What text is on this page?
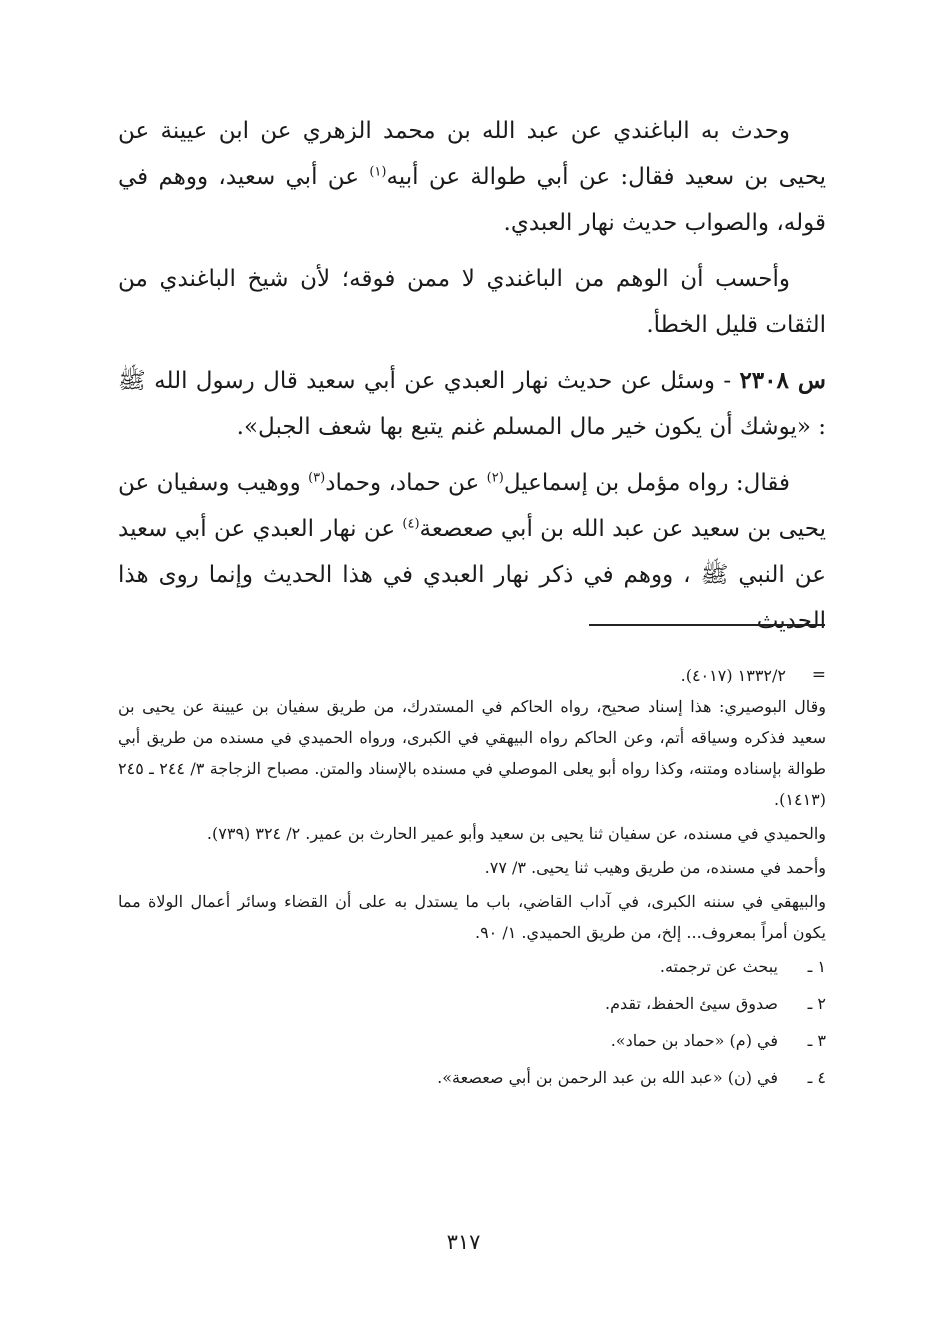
وحدث به الباغندي عن عبد الله بن محمد الزهري عن ابن عيينة عن يحيى بن سعيد فقال: عن أبي طوالة عن أبيه$^{(١)}$ عن أبي سعيد، ووهم في قوله، والصواب حديث نهار العبدي.

وأحسب أن الوهم من الباغندي لا ممن فوقه؛ لأن شيخ الباغندي من الثقات قليل الخطأ.

س ٢٣٠٨ - وسئل عن حديث نهار العبدي عن أبي سعيد قال رسول الله ﷺ : «يوشك أن يكون خير مال المسلم غنم يتبع بها شعف الجبل».

فقال: رواه مؤمل بن إسماعيل$^{(٢)}$ عن حماد، وحماد$^{(٣)}$ ووهيب وسفيان عن يحيى بن سعيد عن عبد الله بن أبي صعصعة$^{(٤)}$ عن نهار العبدي عن أبي سعيد عن النبي ﷺ ، ووهم في ذكر نهار العبدي في هذا الحديث وإنما روى هذا الحديث

=
١٣٣٢/٢ (٤٠١٧).

وقال البوصيري: هذا إسناد صحيح، رواه الحاكم في المستدرك، من طريق سفيان بن عيينة عن يحيى بن سعيد فذكره وسياقه أتم، وعن الحاكم رواه البيهقي في الكبرى، ورواه الحميدي في مسنده من طريق أبي طوالة بإسناده ومتنه، وكذا رواه أبو يعلى الموصلي في مسنده بالإسناد والمتن. مصباح الزجاجة ٣/ ٢٤٤ ـ ٢٤٥ (١٤١٣).

والحميدي في مسنده، عن سفيان ثنا يحيى بن سعيد وأبو عمير الحارث بن عمير. ٢/ ٣٢٤ (٧٣٩).

وأحمد في مسنده، من طريق وهيب ثنا يحيى. ٣/ ٧٧.

والبيهقي في سننه الكبرى، في آداب القاضي، باب ما يستدل به على أن القضاء وسائر أعمال الولاة مما يكون أمراً بمعروف... إلخ، من طريق الحميدي. ١/ ٩٠.

١ ـ
يبحث عن ترجمته.
٢ ـ
صدوق سيئ الحفظ، تقدم.
٣ ـ
في (م) «حماد بن حماد».
٤ ـ
في (ن) «عبد الله بن عبد الرحمن بن أبي صعصعة».
٣١٧
